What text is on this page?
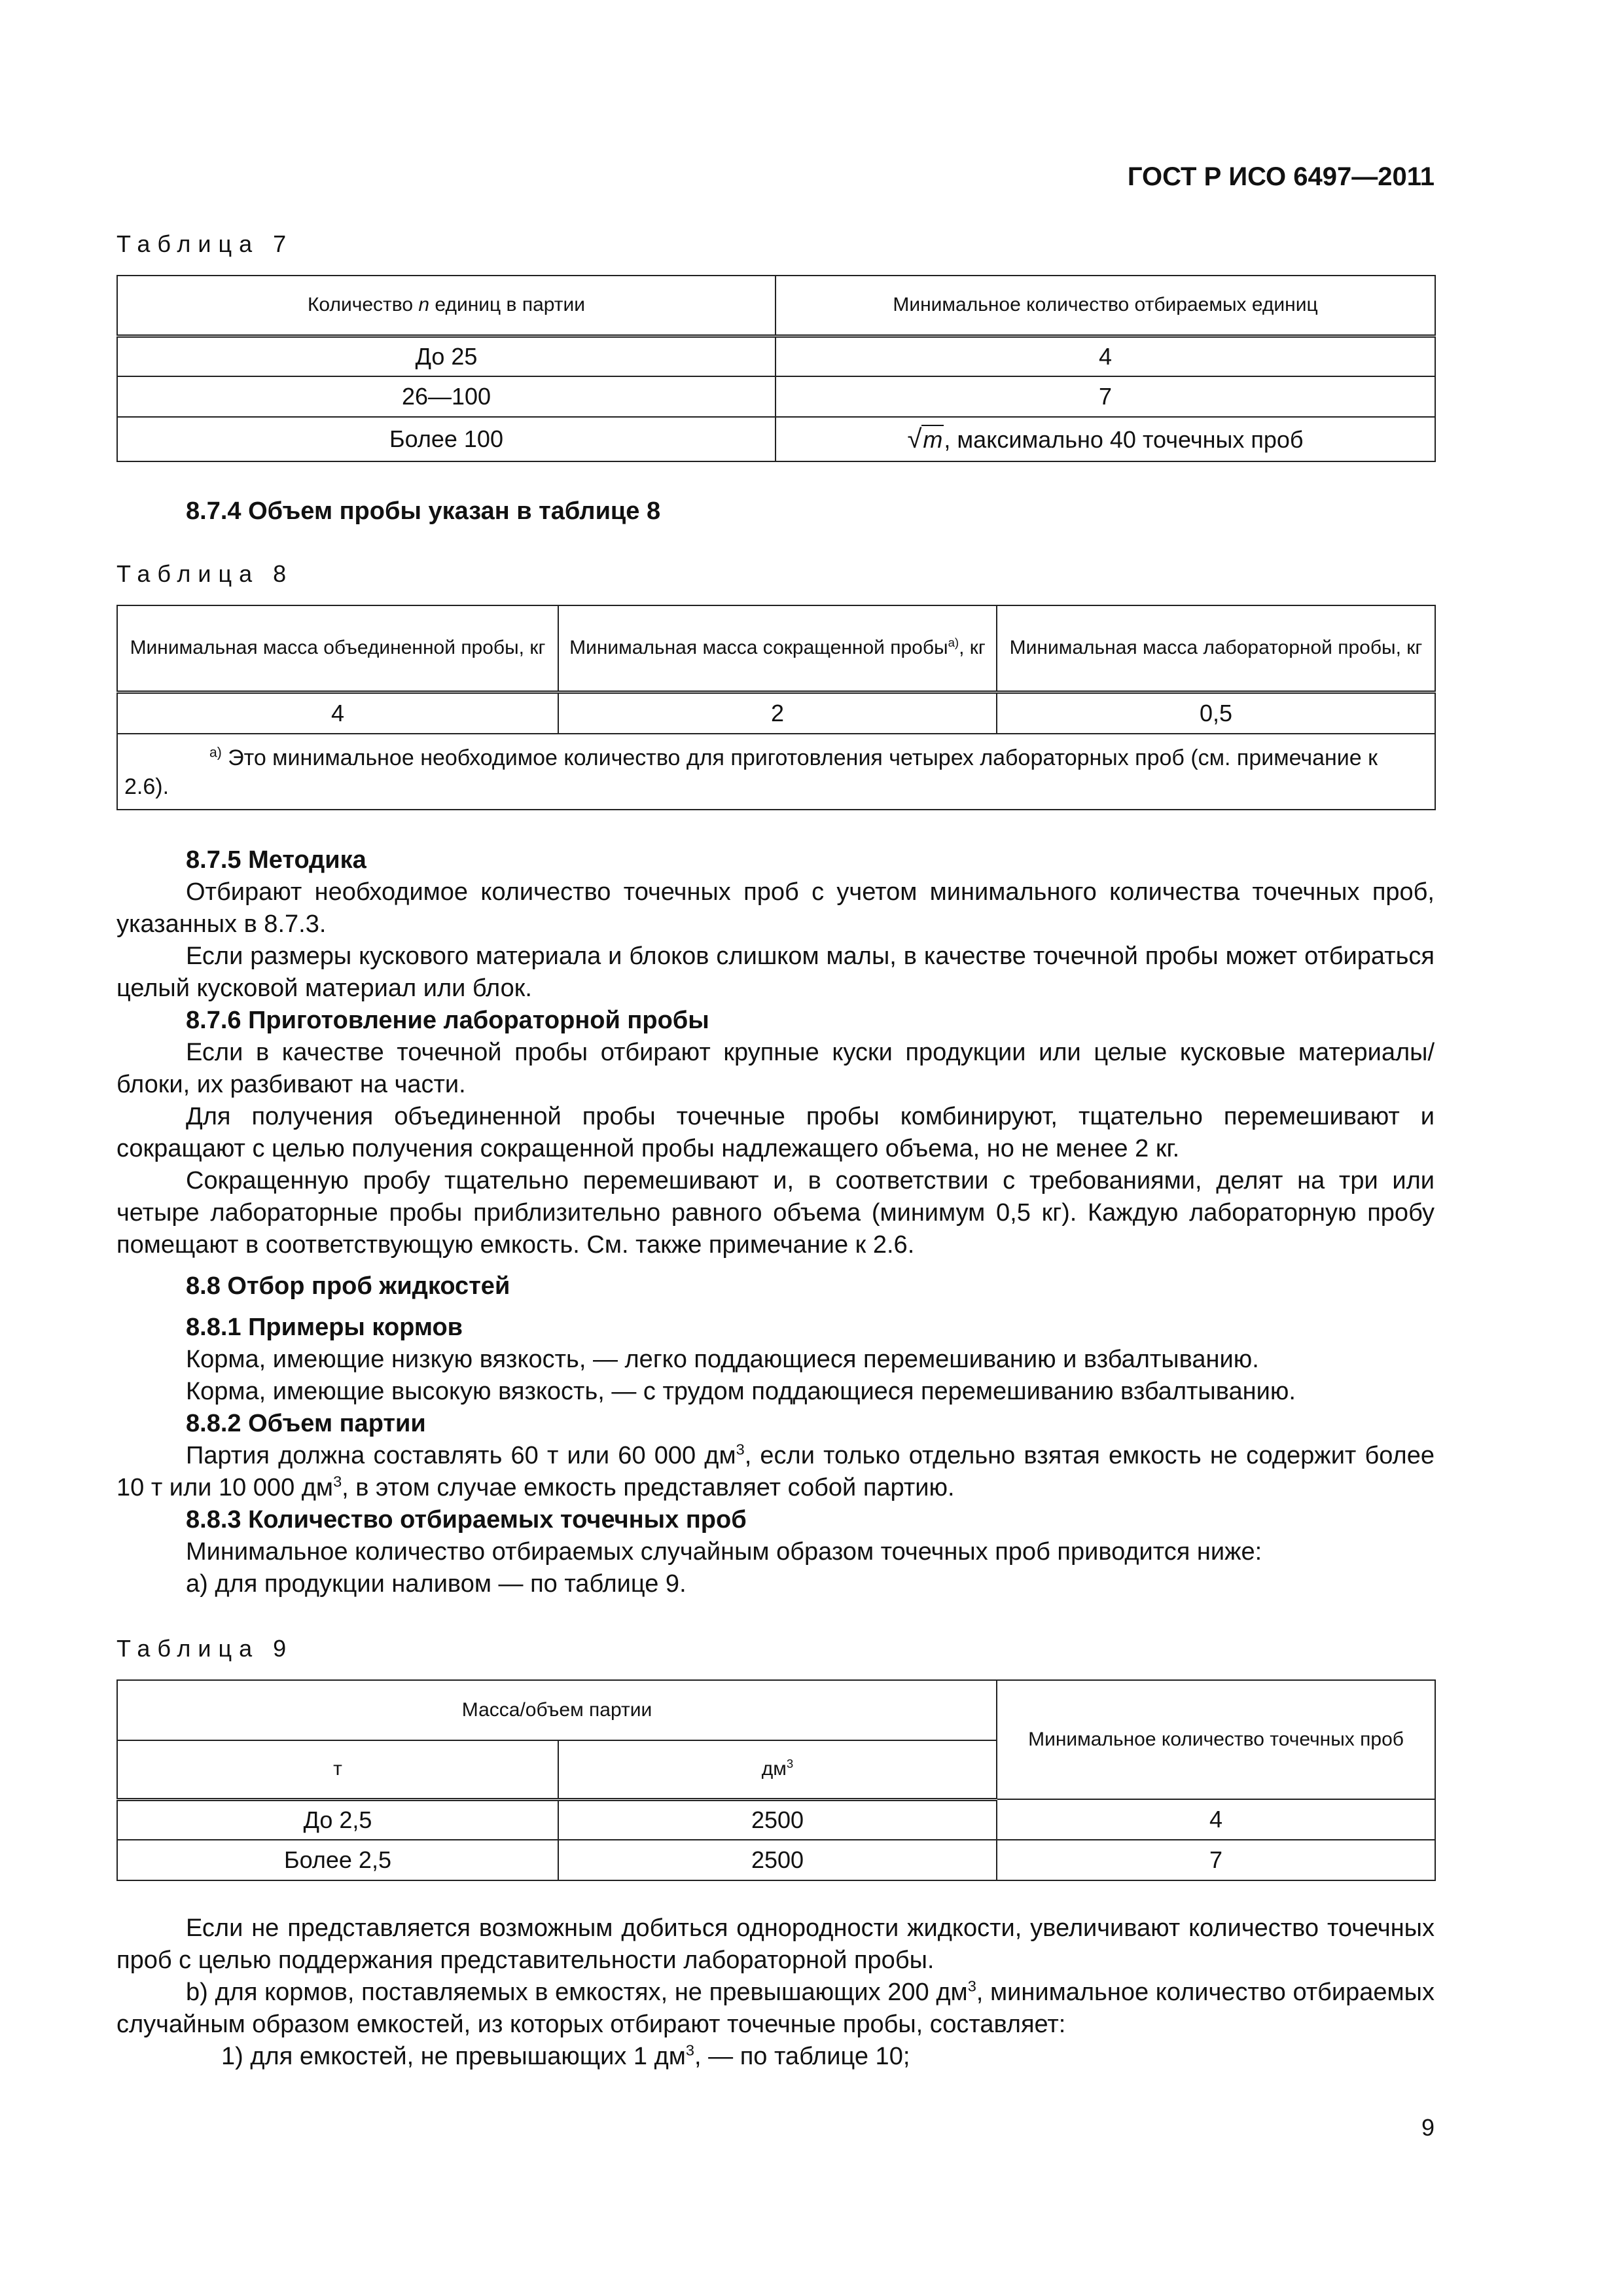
ГОСТ Р ИСО 6497—2011
Таблица 7
Количество n единиц в партии	Минимальное количество отбираемых единиц
До 25	4
26—100	7
Более 100	√m, максимально 40 точечных проб
8.7.4 Объем пробы указан в таблице 8
Таблица 8
Минимальная масса объединенной пробы, кг	Минимальная масса сокращенной пробы$^{а)}$, кг	Минимальная масса лабораторной пробы, кг
4	2	0,5
$^{а)}$ Это минимальное необходимое количество для приготовления четырех лабораторных проб (см. примечание к 2.6).		

8.7.5 Методика

Отбирают необходимое количество точечных проб с учетом минимального количества точечных проб, указанных в 8.7.3.

Если размеры кускового материала и блоков слишком малы, в качестве точечной пробы может отбираться целый кусковой материал или блок.

8.7.6 Приготовление лабораторной пробы

Если в качестве точечной пробы отбирают крупные куски продукции или целые кусковые материалы/блоки, их разбивают на части.

Для получения объединенной пробы точечные пробы комбинируют, тщательно перемешивают и сокращают с целью получения сокращенной пробы надлежащего объема, но не менее 2 кг.

Сокращенную пробу тщательно перемешивают и, в соответствии с требованиями, делят на три или четыре лабораторные пробы приблизительно равного объема (минимум 0,5 кг). Каждую лабораторную пробу помещают в соответствующую емкость. См. также примечание к 2.6.

8.8 Отбор проб жидкостей

8.8.1 Примеры кормов

Корма, имеющие низкую вязкость, — легко поддающиеся перемешиванию и взбалтыванию.

Корма, имеющие высокую вязкость, — с трудом поддающиеся перемешиванию взбалтыванию.

8.8.2 Объем партии

Партия должна составлять 60 т или 60 000 $дм^3$, если только отдельно взятая емкость не содержит более 10 т или 10 000 $дм^3$, в этом случае емкость представляет собой партию.

8.8.3 Количество отбираемых точечных проб

Минимальное количество отбираемых случайным образом точечных проб приводится ниже:

а) для продукции наливом — по таблице 9.

Таблица 9
Масса/объем партии		Минимальное количество точечных проб
т	$дм^3$
До 2,5	2500	4
Более 2,5	2500	7

Если не представляется возможным добиться однородности жидкости, увеличивают количество точечных проб с целью поддержания представительности лабораторной пробы.

b) для кормов, поставляемых в емкостях, не превышающих 200 $дм^3$, минимальное количество отбираемых случайным образом емкостей, из которых отбирают точечные пробы, составляет:

1) для емкостей, не превышающих 1 $дм^3$, — по таблице 10;

9
